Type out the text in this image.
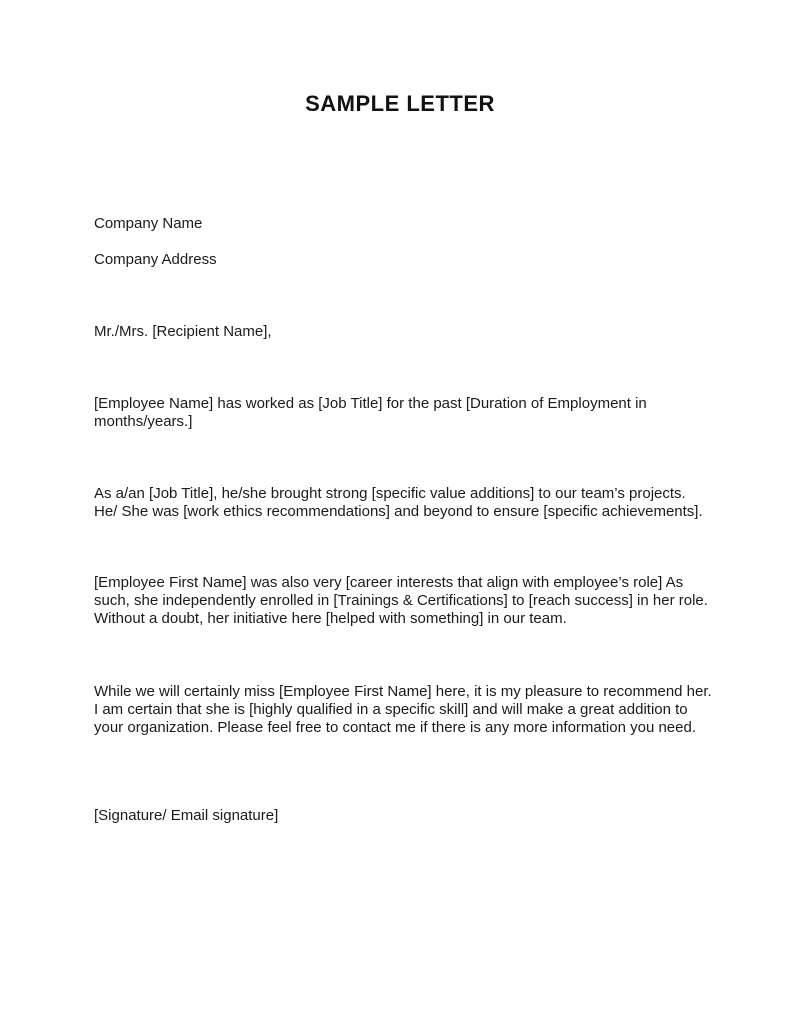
SAMPLE LETTER
Company Name
Company Address
Mr./Mrs. [Recipient Name],
[Employee Name] has worked as [Job Title] for the past [Duration of Employment in months/years.]
As a/an [Job Title], he/she brought strong [specific value additions] to our team’s projects. He/ She was [work ethics recommendations] and beyond to ensure [specific achievements].
[Employee First Name] was also very [career interests that align with employee’s role] As such, she independently enrolled in [Trainings & Certifications] to [reach success] in her role. Without a doubt, her initiative here [helped with something] in our team.
While we will certainly miss [Employee First Name] here, it is my pleasure to recommend her. I am certain that she is [highly qualified in a specific skill] and will make a great addition to your organization. Please feel free to contact me if there is any more information you need.
[Signature/ Email signature]
